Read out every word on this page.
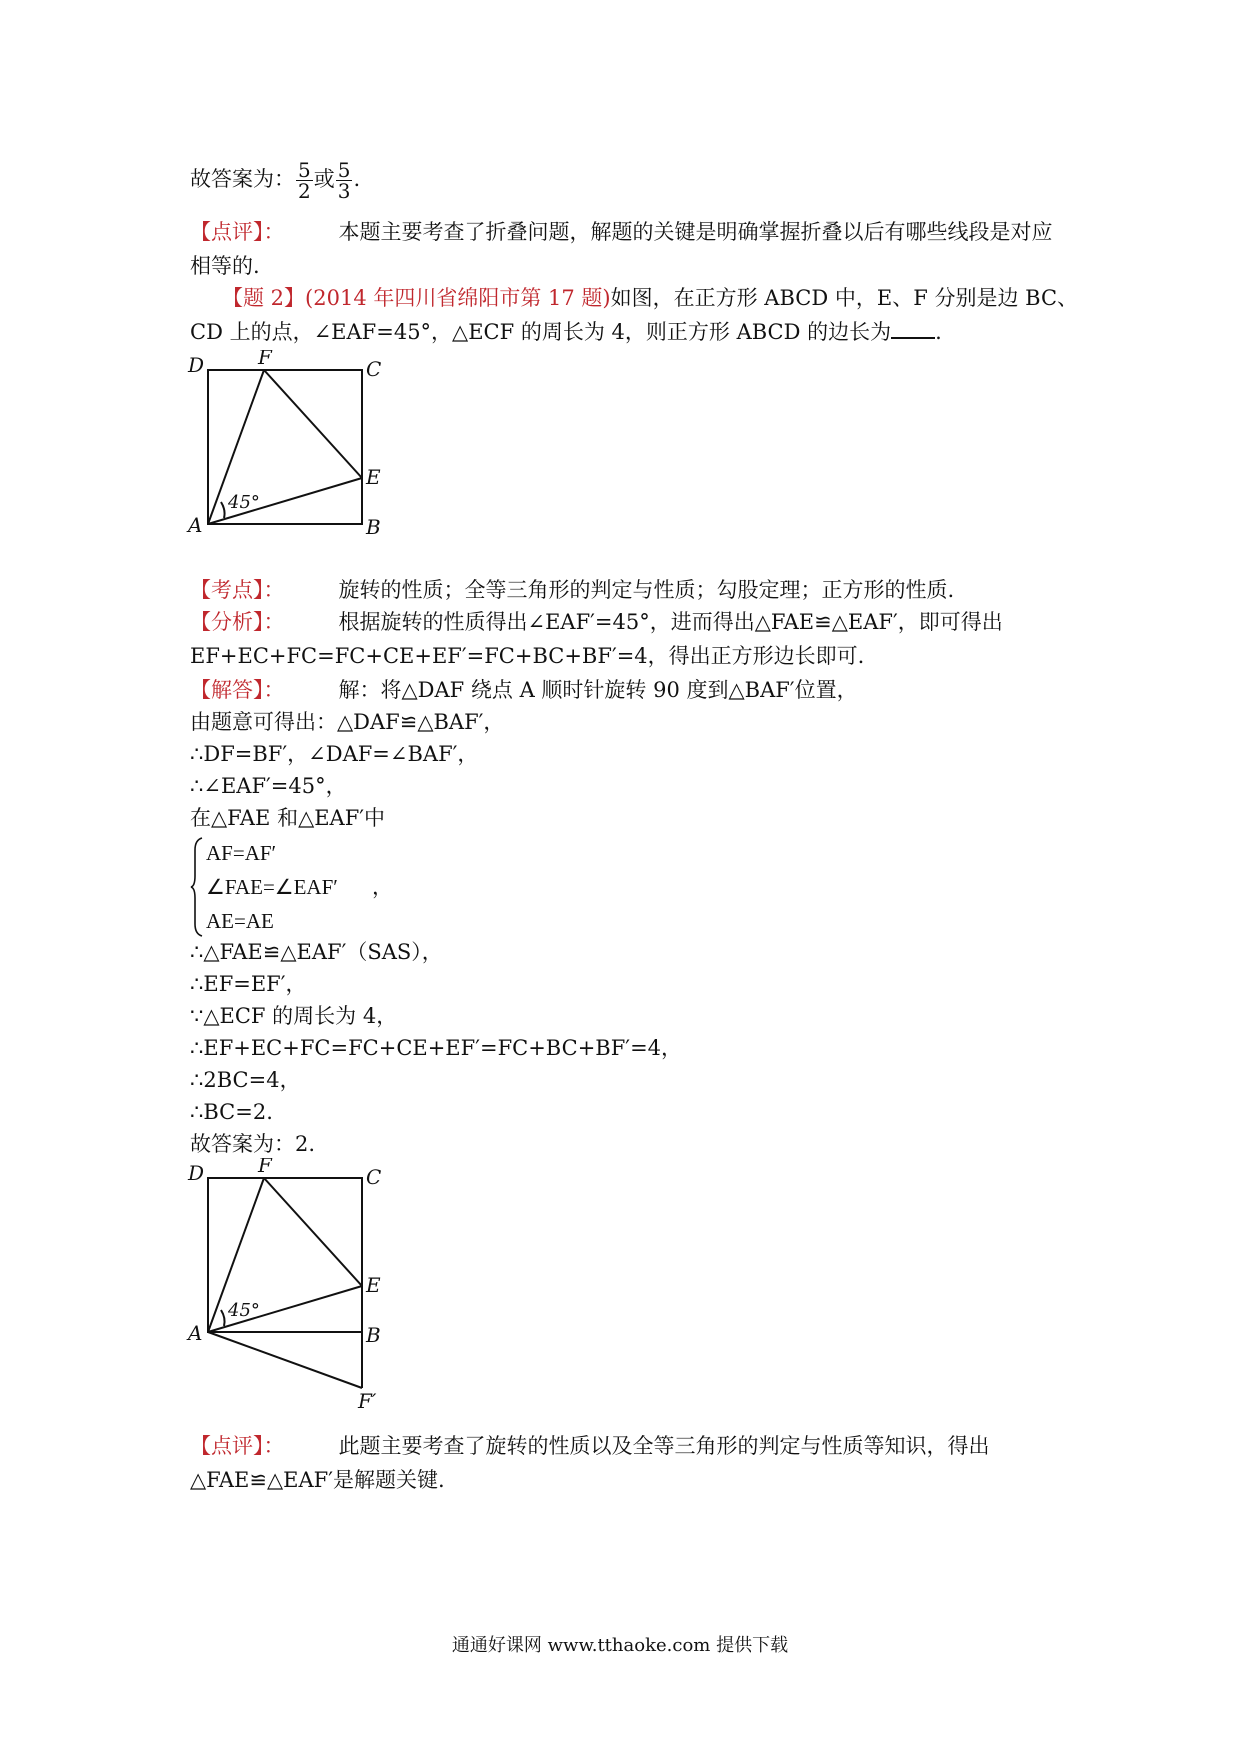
故答案为： $\frac{5}{2}$ 或 $\frac{5}{3}$ .
【点评】：	本题主要考查了折叠问题，解题的关键是明确掌握折叠以后有哪些线段是对应
相等的.
【题 2】(2014 年四川省绵阳市第 17 题)如图，在正方形 ABCD 中，E、F 分别是边 BC、
CD 上的点，∠EAF=45°，△ECF 的周长为 4，则正方形 ABCD 的边长为 .
D	F	C
E
A	B
45°
【考点】：	旋转的性质；全等三角形的判定与性质；勾股定理；正方形的性质.
【分析】：	根据旋转的性质得出∠EAF′=45°，进而得出△FAE≌△EAF′，即可得出
EF+EC+FC=FC+CE+EF′=FC+BC+BF′=4，得出正方形边长即可.
【解答】：	解：将△DAF 绕点 A 顺时针旋转 90 度到△BAF′位置，
由题意可得出：△DAF≌△BAF′，
∴DF=BF′，∠DAF=∠BAF′，
∴∠EAF′=45°，
在△FAE 和△EAF′中
AF=AF′
∠FAE=∠EAF′
AE=AE
，
∴△FAE≌△EAF′（SAS），
∴EF=EF′，
∵△ECF 的周长为 4，
∴EF+EC+FC=FC+CE+EF′=FC+BC+BF′=4，
∴2BC=4，
∴BC=2.
故答案为：2.
D	F	C
E
A	B
F′
45°
【点评】：	此题主要考查了旋转的性质以及全等三角形的判定与性质等知识，得出
△FAE≌△EAF′是解题关键.
通通好课网 www.tthaoke.com 提供下载
